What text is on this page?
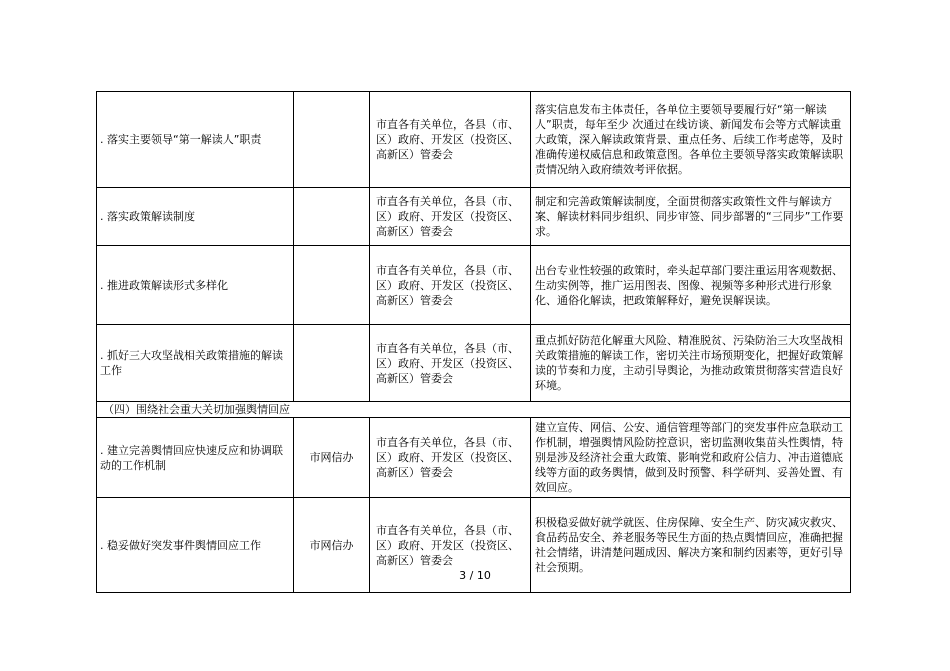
. 落实主要领导“第一解读人”职责		市直各有关单位，各县（市、区）政府、开发区（投资区、高新区）管委会	落实信息发布主体责任，各单位主要领导要履行好“第一解读人”职责，每年至少 次通过在线访谈、新闻发布会等方式解读重大政策，深入解读政策背景、重点任务、后续工作考虑等，及时准确传递权威信息和政策意图。各单位主要领导落实政策解读职责情况纳入政府绩效考评依据。
. 落实政策解读制度		市直各有关单位，各县（市、区）政府、开发区（投资区、高新区）管委会	制定和完善政策解读制度，全面贯彻落实政策性文件与解读方案、解读材料同步组织、同步审签、同步部署的“三同步”工作要求。
. 推进政策解读形式多样化		市直各有关单位，各县（市、区）政府、开发区（投资区、高新区）管委会	出台专业性较强的政策时，牵头起草部门要注重运用客观数据、生动实例等，推广运用图表、图像、视频等多种形式进行形象化、通俗化解读，把政策解释好，避免误解误读。
. 抓好三大攻坚战相关政策措施的解读工作		市直各有关单位，各县（市、区）政府、开发区（投资区、高新区）管委会	重点抓好防范化解重大风险、精准脱贫、污染防治三大攻坚战相关政策措施的解读工作，密切关注市场预期变化，把握好政策解读的节奏和力度，主动引导舆论，为推动政策贯彻落实营造良好环境。
（四）围绕社会重大关切加强舆情回应			
. 建立完善舆情回应快速反应和协调联动的工作机制	市网信办	市直各有关单位，各县（市、区）政府、开发区（投资区、高新区）管委会	建立宣传、网信、公安、通信管理等部门的突发事件应急联动工作机制，增强舆情风险防控意识，密切监测收集苗头性舆情，特别是涉及经济社会重大政策、影响党和政府公信力、冲击道德底线等方面的政务舆情，做到及时预警、科学研判、妥善处置、有效回应。
. 稳妥做好突发事件舆情回应工作	市网信办	市直各有关单位，各县（市、区）政府、开发区（投资区、高新区）管委会	积极稳妥做好就学就医、住房保障、安全生产、防灾减灾救灾、食品药品安全、养老服务等民生方面的热点舆情回应，准确把握社会情绪，讲清楚问题成因、解决方案和制约因素等，更好引导社会预期。
3 / 10
